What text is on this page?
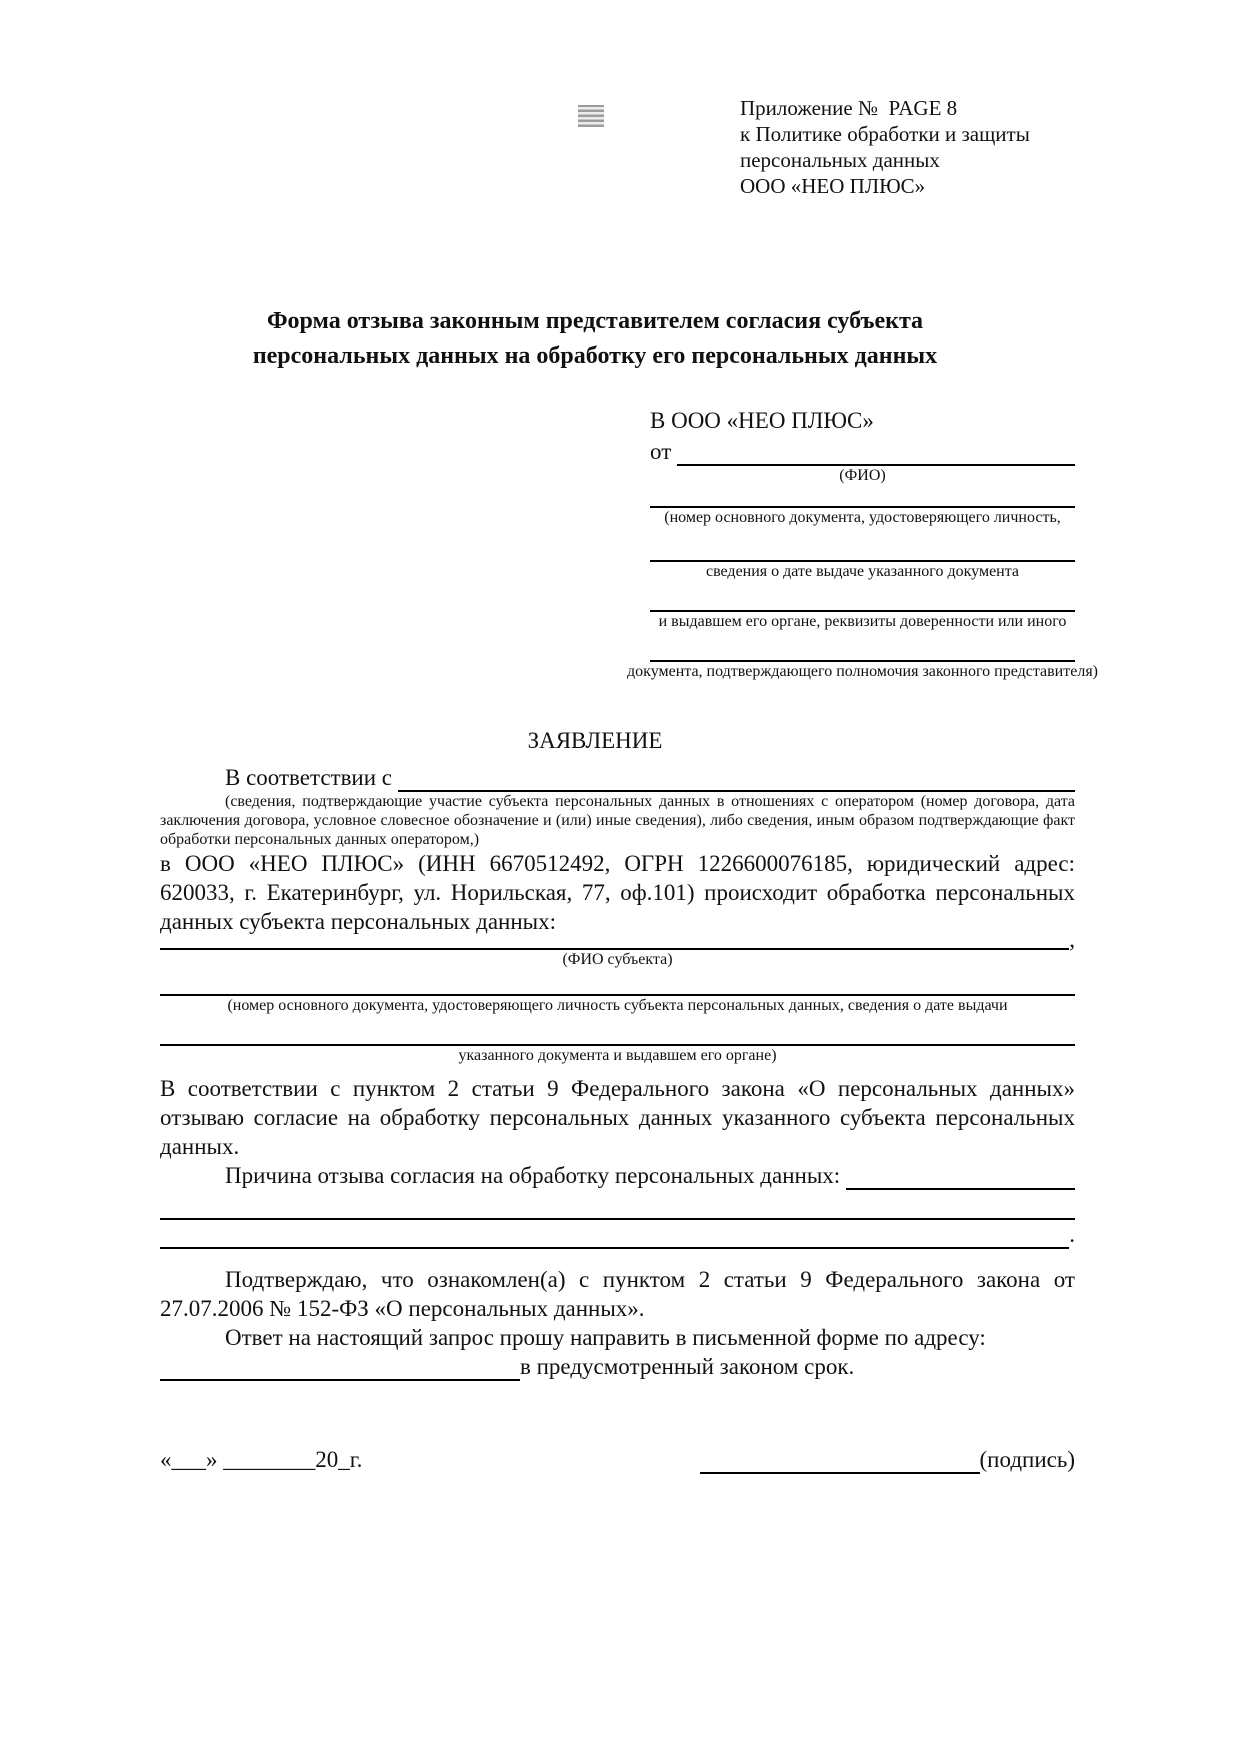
Приложение №  PAGE 8
к Политике обработки и защиты
персональных данных
ООО «НЕО ПЛЮС»
Форма отзыва законным представителем согласия субъекта
персональных данных на обработку его персональных данных
В ООО «НЕО ПЛЮС»
от
(ФИО)
(номер основного документа, удостоверяющего личность,
сведения о дате выдаче указанного документа
и выдавшем его органе, реквизиты доверенности или иного
документа, подтверждающего полномочия законного представителя)
ЗАЯВЛЕНИЕ
В соответствии с

(сведения, подтверждающие участие субъекта персональных данных в отношениях с оператором (номер договора, дата заключения договора, условное словесное обозначение и (или) иные сведения), либо сведения, иным образом подтверждающие факт обработки персональных данных оператором,)

в ООО «НЕО ПЛЮС» (ИНН 6670512492, ОГРН 1226600076185, юридический адрес: 620033, г. Екатеринбург, ул. Норильская, 77, оф.101) происходит обработка персональных данных субъекта персональных данных:

,
(ФИО субъекта)
(номер основного документа, удостоверяющего личность субъекта персональных данных, сведения о дате выдачи
указанного документа и выдавшем его органе)

В соответствии с пунктом 2 статьи 9 Федерального закона «О персональных данных» отзываю согласие на обработку персональных данных указанного субъекта персональных данных.

Причина отзыва согласия на обработку персональных данных:
.

Подтверждаю, что ознакомлен(а) с пунктом 2 статьи 9 Федерального закона от 27.07.2006 № 152-ФЗ «О персональных данных».

Ответ на настоящий запрос прошу направить в письменной форме по адресу:
в предусмотренный законом срок.
«___» ________20_г.	(подпись)
